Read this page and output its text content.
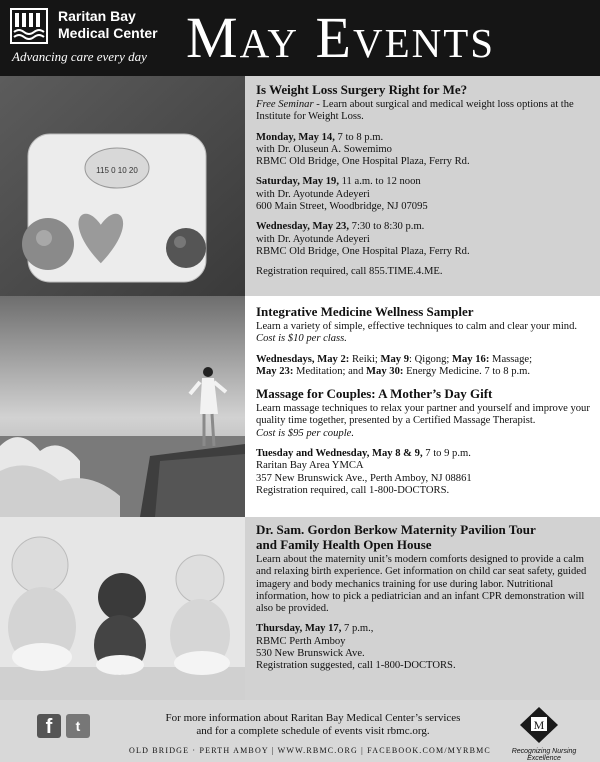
Raritan Bay
Medical Center
Advancing care every day May Events
115 0 10 20
Is Weight Loss Surgery Right for Me?

Free Seminar - Learn about surgical and medical weight loss options at the Institute for Weight Loss.

Monday, May 14, 7 to 8 p.m.
with Dr. Oluseun A. Sowemimo
RBMC Old Bridge, One Hospital Plaza, Ferry Rd.

Saturday, May 19, 11 a.m. to 12 noon
with Dr. Ayotunde Adeyeri
600 Main Street, Woodbridge, NJ 07095

Wednesday, May 23, 7:30 to 8:30 p.m.
with Dr. Ayotunde Adeyeri
RBMC Old Bridge, One Hospital Plaza, Ferry Rd.

Registration required, call 855.TIME.4.ME.

Integrative Medicine Wellness Sampler

Learn a variety of simple, effective techniques to calm and clear your mind. Cost is $10 per class.

Wednesdays, May 2: Reiki; May 9: Qigong; May 16: Massage;
May 23: Meditation; and May 30: Energy Medicine. 7 to 8 p.m.

Massage for Couples: A Mother’s Day Gift

Learn massage techniques to relax your partner and yourself and improve your quality time together, presented by a Certified Massage Therapist.
Cost is $95 per couple.

Tuesday and Wednesday, May 8 & 9, 7 to 9 p.m.
Raritan Bay Area YMCA
357 New Brunswick Ave., Perth Amboy, NJ 08861
Registration required, call 1-800-DOCTORS.

Dr. Sam. Gordon Berkow Maternity Pavilion Tour
and Family Health Open House

Learn about the maternity unit’s modern comforts designed to provide a calm and relaxing birth experience. Get information on child car seat safety, guided imagery and body mechanics training for use during labor. Nutritional information, how to pick a pediatrician and an infant CPR demonstration will also be provided.

Thursday, May 17, 7 p.m.,
RBMC Perth Amboy
530 New Brunswick Ave.
Registration suggested, call 1-800-DOCTORS.

f	t	For more information about Raritan Bay Medical Center’s services
and for a complete schedule of events visit rbmc.org.
OLD BRIDGE · PERTH AMBOY | WWW.RBMC.ORG | FACEBOOK.COM/MYRBMC
M
Recognizing Nursing Excellence
